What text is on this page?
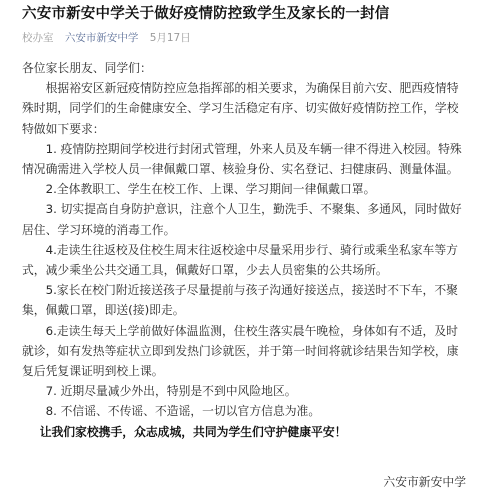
六安市新安中学关于做好疫情防控致学生及家长的一封信
校办室 六安市新安中学 5月17日

各位家长朋友、同学们：

根据裕安区新冠疫情防控应急指挥部的相关要求，为确保目前六安、肥西疫情特殊时期，同学们的生命健康安全、学习生活稳定有序、切实做好疫情防控工作，学校特做如下要求：

1. 疫情防控期间学校进行封闭式管理，外来人员及车辆一律不得进入校园。特殊情况确需进入学校人员一律佩戴口罩、核验身份、实名登记、扫健康码、测量体温。

2.全体教职工、学生在校工作、上课、学习期间一律佩戴口罩。

3. 切实提高自身防护意识，注意个人卫生，勤洗手、不聚集、多通风，同时做好居住、学习环境的消毒工作。

4.走读生往返校及住校生周末往返校途中尽量采用步行、骑行或乘坐私家车等方式，减少乘坐公共交通工具，佩戴好口罩，少去人员密集的公共场所。

5.家长在校门附近接送孩子尽量提前与孩子沟通好接送点，接送时不下车，不聚集，佩戴口罩，即送(接)即走。

6.走读生每天上学前做好体温监测，住校生落实晨午晚检，身体如有不适，及时就诊，如有发热等症状立即到发热门诊就医，并于第一时间将就诊结果告知学校，康复后凭复课证明到校上课。

7. 近期尽量减少外出，特别是不到中风险地区。

8. 不信谣、不传谣、不造谣，一切以官方信息为准。

让我们家校携手，众志成城，共同为学生们守护健康平安！

六安市新安中学
